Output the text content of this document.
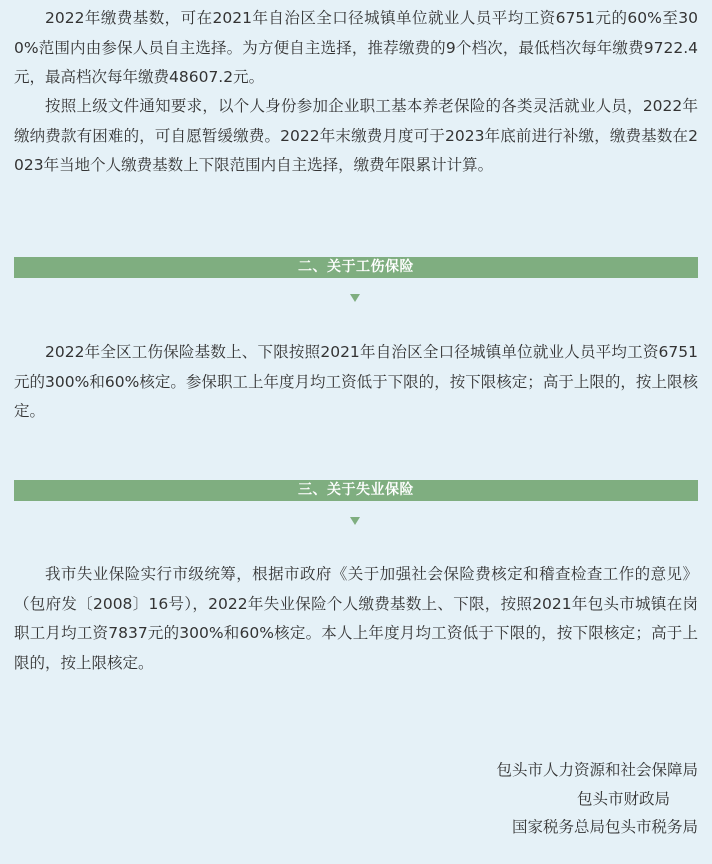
2022年缴费基数，可在2021年自治区全口径城镇单位就业人员平均工资6751元的60%至300%范围内由参保人员自主选择。为方便自主选择，推荐缴费的9个档次，最低档次每年缴费9722.4元，最高档次每年缴费48607.2元。

按照上级文件通知要求，以个人身份参加企业职工基本养老保险的各类灵活就业人员，2022年缴纳费款有困难的，可自愿暂缓缴费。2022年末缴费月度可于2023年底前进行补缴，缴费基数在2023年当地个人缴费基数上下限范围内自主选择，缴费年限累计计算。

二、关于工伤保险

2022年全区工伤保险基数上、下限按照2021年自治区全口径城镇单位就业人员平均工资6751元的300%和60%核定。参保职工上年度月均工资低于下限的，按下限核定；高于上限的，按上限核定。

三、关于失业保险

我市失业保险实行市级统筹，根据市政府《关于加强社会保险费核定和稽查检查工作的意见》（包府发〔2008〕16号），2022年失业保险个人缴费基数上、下限，按照2021年包头市城镇在岗职工月均工资7837元的300%和60%核定。本人上年度月均工资低于下限的，按下限核定；高于上限的，按上限核定。

包头市人力资源和社会保障局
包头市财政局
国家税务总局包头市税务局
